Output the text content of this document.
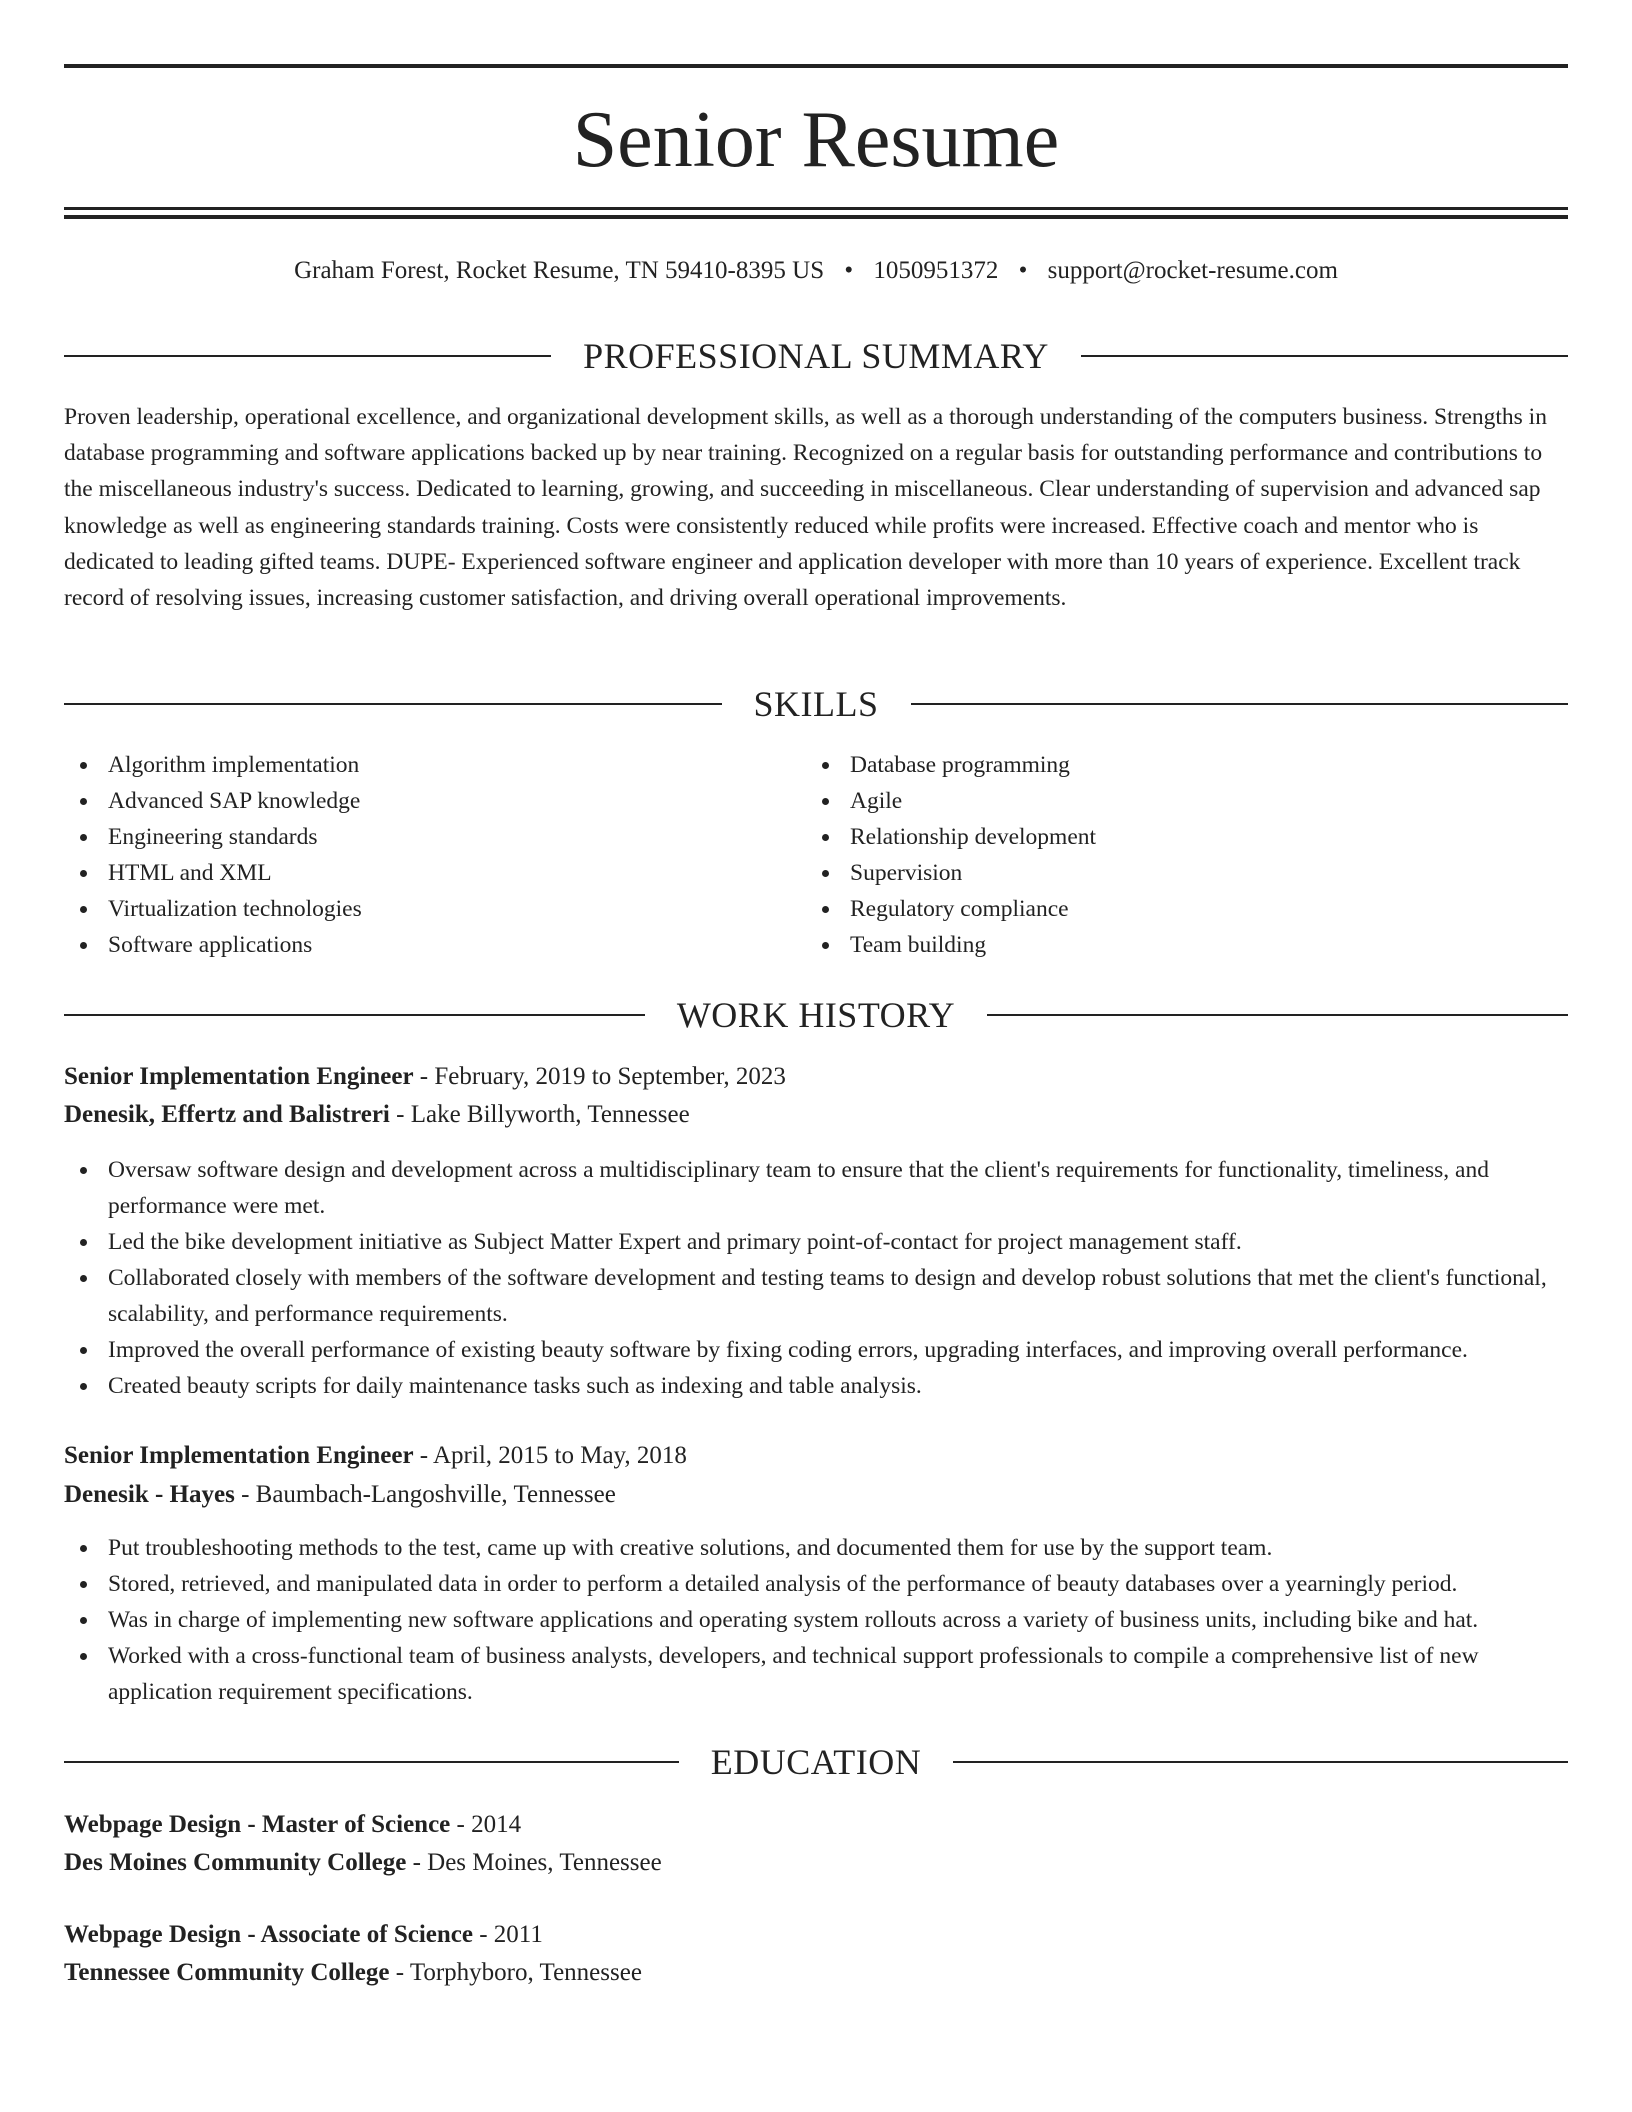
Senior Resume
Graham Forest, Rocket Resume, TN 59410-8395 US • 1050951372 • support@rocket-resume.com
PROFESSIONAL SUMMARY

Proven leadership, operational excellence, and organizational development skills, as well as a thorough understanding of the computers business. Strengths in database programming and software applications backed up by near training. Recognized on a regular basis for outstanding performance and contributions to the miscellaneous industry's success. Dedicated to learning, growing, and succeeding in miscellaneous. Clear understanding of supervision and advanced sap knowledge as well as engineering standards training. Costs were consistently reduced while profits were increased. Effective coach and mentor who is dedicated to leading gifted teams. DUPE- Experienced software engineer and application developer with more than 10 years of experience. Excellent track record of resolving issues, increasing customer satisfaction, and driving overall operational improvements.

SKILLS
Algorithm implementation
Advanced SAP knowledge
Engineering standards
HTML and XML
Virtualization technologies
Software applications
Database programming
Agile
Relationship development
Supervision
Regulatory compliance
Team building
WORK HISTORY
Senior Implementation Engineer - February, 2019 to September, 2023
Denesik, Effertz and Balistreri - Lake Billyworth, Tennessee
Oversaw software design and development across a multidisciplinary team to ensure that the client's requirements for functionality, timeliness, and performance were met.
Led the bike development initiative as Subject Matter Expert and primary point-of-contact for project management staff.
Collaborated closely with members of the software development and testing teams to design and develop robust solutions that met the client's functional, scalability, and performance requirements.
Improved the overall performance of existing beauty software by fixing coding errors, upgrading interfaces, and improving overall performance.
Created beauty scripts for daily maintenance tasks such as indexing and table analysis.
Senior Implementation Engineer - April, 2015 to May, 2018
Denesik - Hayes - Baumbach-Langoshville, Tennessee
Put troubleshooting methods to the test, came up with creative solutions, and documented them for use by the support team.
Stored, retrieved, and manipulated data in order to perform a detailed analysis of the performance of beauty databases over a yearningly period.
Was in charge of implementing new software applications and operating system rollouts across a variety of business units, including bike and hat.
Worked with a cross-functional team of business analysts, developers, and technical support professionals to compile a comprehensive list of new application requirement specifications.
EDUCATION
Webpage Design - Master of Science - 2014
Des Moines Community College - Des Moines, Tennessee
Webpage Design - Associate of Science - 2011
Tennessee Community College - Torphyboro, Tennessee
